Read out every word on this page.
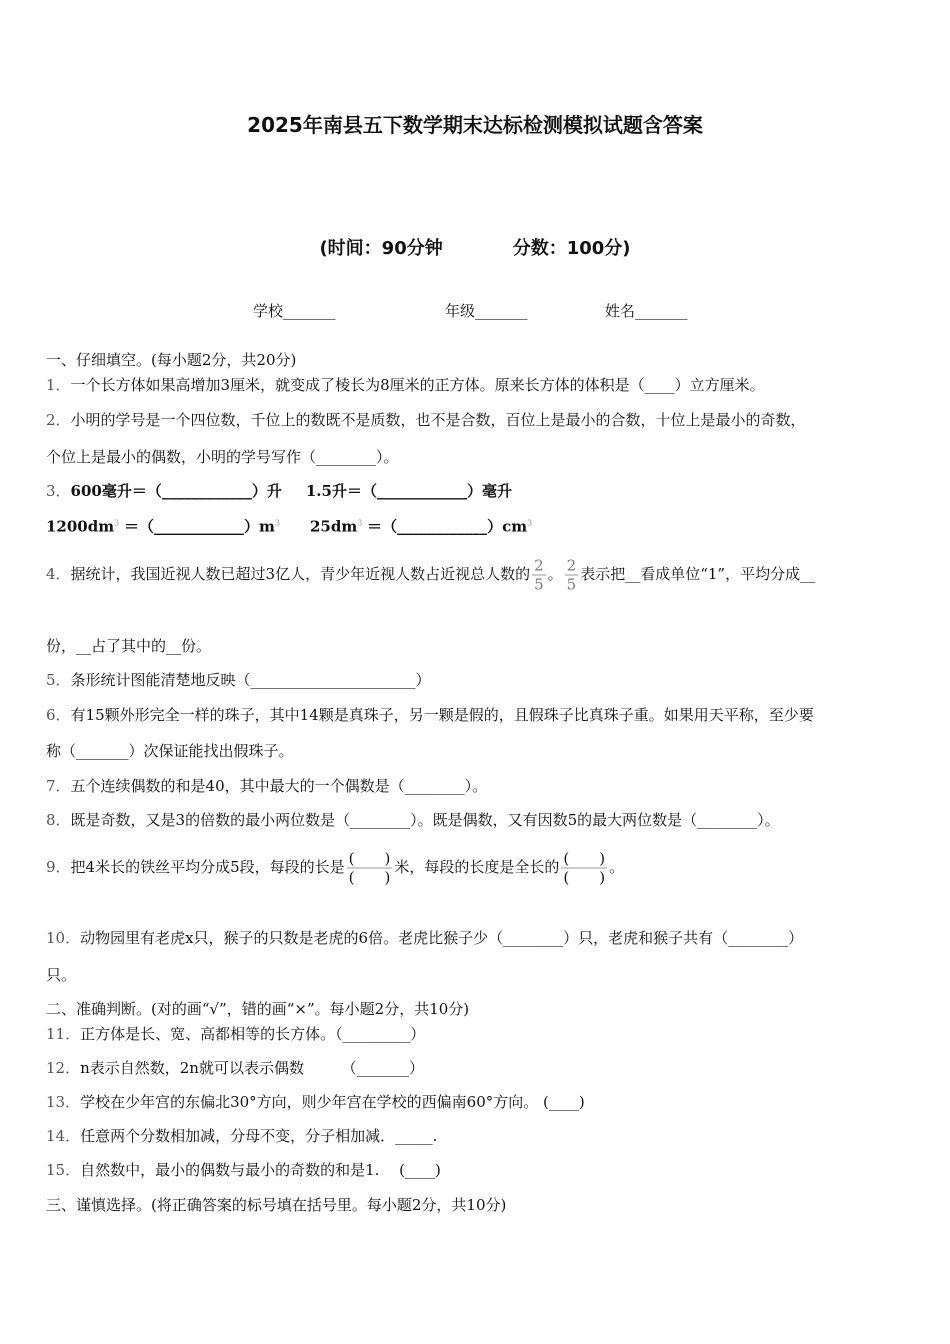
2025年南县五下数学期末达标检测模拟试题含答案
(时间：90分钟	分数：100分)
学校_______	年级_______	姓名_______
一、仔细填空。(每小题2分，共20分)
1．一个长方体如果高增加3厘米，就变成了棱长为8厘米的正方体。原来长方体的体积是（____）立方厘米。
2．小明的学号是一个四位数，千位上的数既不是质数，也不是合数，百位上是最小的合数，十位上是最小的奇数，
个位上是最小的偶数，小明的学号写作（________）。
3．600毫升＝（____________）升 1.5升＝（____________）毫升
$1200dm^3$ $=(\_\_\_\_\_\_\_\_\_\_\_\_)m^3$ $25dm^3$ $=(\_\_\_\_\_\_\_\_\_\_\_\_)cm^3$
4．据统计，我国近视人数已超过3亿人，青少年近视人数占近视总人数的 $\frac{2}{5}$ 。 $\frac{2}{5}$ 表示把__看成单位“1”，平均分成__
份，__占了其中的__份。
5．条形统计图能清楚地反映（______________________）
6．有15颗外形完全一样的珠子，其中14颗是真珠子，另一颗是假的，且假珠子比真珠子重。如果用天平称，至少要
称（_______）次保证能找出假珠子。
7．五个连续偶数的和是40，其中最大的一个偶数是（________）。
8．既是奇数，又是3的倍数的最小两位数是（________）。既是偶数，又有因数5的最大两位数是（________）。
9．把4米长的铁丝平均分成5段，每段的长是 $\frac{( )}{( )}$ 米，每段的长度是全长的 $\frac{( )}{( )}$ 。
10．动物园里有老虎x只，猴子的只数是老虎的6倍。老虎比猴子少（________）只，老虎和猴子共有（________）
只。
二、准确判断。(对的画“√”，错的画“×”。每小题2分，共10分)
11．正方体是长、宽、高都相等的长方体。（_________）
12．n表示自然数，2n就可以表示偶数　　　（_______）
13．学校在少年宫的东偏北30°方向，则少年宫在学校的西偏南60°方向。 (____)
14．任意两个分数相加减，分母不变，分子相加减．_____.
15．自然数中，最小的偶数与最小的奇数的和是1.　 (____)
三、谨慎选择。(将正确答案的标号填在括号里。每小题2分，共10分)
